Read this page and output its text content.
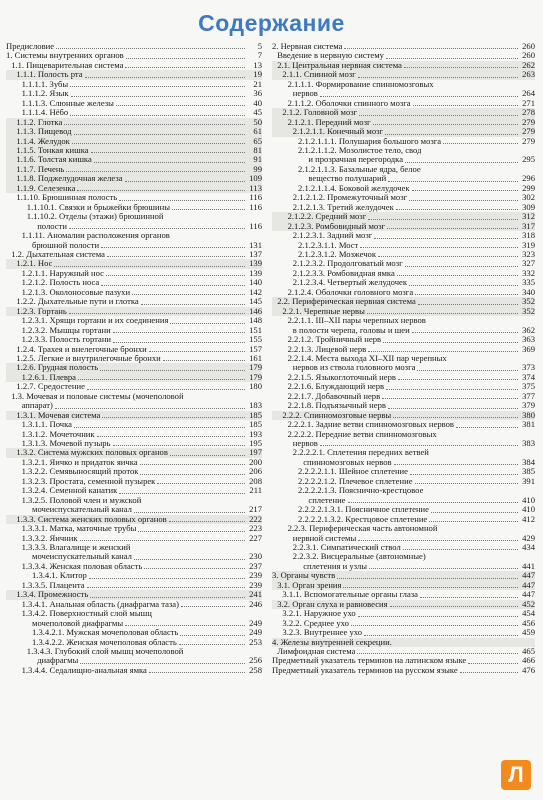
Содержание
Предисловие	5
1. Системы внутренних органов	7
1.1. Пищеварительная система	13
1.1.1. Полость рта	19
1.1.1.1. Зубы	21
1.1.1.2. Язык	36
1.1.1.3. Слюнные железы	40
1.1.1.4. Нёбо	45
1.1.2. Глотка	50
1.1.3. Пищевод	61
1.1.4. Желудок	65
1.1.5. Тонкая кишка	81
1.1.6. Толстая кишка	91
1.1.7. Печень	99
1.1.8. Поджелудочная железа	109
1.1.9. Селезенка	113
1.1.10. Брюшинная полость	116
1.1.10.1. Связки и брыжейки брюшины	116
1.1.10.2. Отделы (этажи) брюшинной
полости	116
1.1.11. Аномалии расположения органов
брюшной полости	131
1.2. Дыхательная система	137
1.2.1. Нос	139
1.2.1.1. Наружный нос	139
1.2.1.2. Полость носа	140
1.2.1.3. Околоносовые пазухи	142
1.2.2. Дыхательные пути и глотка	145
1.2.3. Гортань	146
1.2.3.1. Хрящи гортани и их соединения	148
1.2.3.2. Мышцы гортани	151
1.2.3.3. Полость гортани	155
1.2.4. Трахея и внелегочные бронхи	157
1.2.5. Легкие и внутрилегочные бронхи	161
1.2.6. Грудная полость	179
1.2.6.1. Плевра	179
1.2.7. Средостение	180
1.3. Мочевая и половые системы (мочеполовой
аппарат)	183
1.3.1. Мочевая система	185
1.3.1.1. Почка	185
1.3.1.2. Мочеточник	193
1.3.1.3. Мочевой пузырь	195
1.3.2. Система мужских половых органов	197
1.3.2.1. Яичко и придаток яичка	200
1.3.2.2. Семявыносящий проток	206
1.3.2.3. Простата, семенной пузырек	208
1.3.2.4. Семенной канатик	211
1.3.2.5. Половой член и мужской
мочеиспускательный канал	217
1.3.3. Система женских половых органов	222
1.3.3.1. Матка, маточные трубы	223
1.3.3.2. Яичник	227
1.3.3.3. Влагалище и женский
мочеиспускательный канал	230
1.3.3.4. Женская половая область	237
1.3.4.1. Клитор	239
1.3.3.5. Плацента	239
1.3.4. Промежность	241
1.3.4.1. Анальная область (диафрагма таза)	246
1.3.4.2. Поверхностный слой мышц
мочеполовой диафрагмы	249
1.3.4.2.1. Мужская мочеполовая область	249
1.3.4.2.2. Женская мочеполовая область	253
1.3.4.3. Глубокий слой мышц мочеполовой
диафрагмы	256
1.3.4.4. Седалищно-анальная ямка	258
2. Нервная система	260
Введение в нервную систему	260
2.1. Центральная нервная система	262
2.1.1. Спинной мозг	263
2.1.1.1. Формирование спинномозговых
нервов	264
2.1.1.2. Оболочки спинного мозга	271
2.1.2. Головной мозг	278
2.1.2.1. Передний мозг	279
2.1.2.1.1. Конечный мозг	279
2.1.2.1.1.1. Полушария большого мозга	279
2.1.2.1.1.2. Мозолистое тело, свод
и прозрачная перегородка	295
2.1.2.1.1.3. Базальные ядра, белое
вещество полушарий	296
2.1.2.1.1.4. Боковой желудочек	299
2.1.2.1.2. Промежуточный мозг	302
2.1.2.1.3. Третий желудочек	309
2.1.2.2. Средний мозг	312
2.1.2.3. Ромбовидный мозг	317
2.1.2.3.1. Задний мозг	318
2.1.2.3.1.1. Мост	319
2.1.2.3.1.2. Мозжечок	323
2.1.2.3.2. Продолговатый мозг	327
2.1.2.3.3. Ромбовидная ямка	332
2.1.2.3.4. Четвертый желудочек	335
2.1.2.4. Оболочки головного мозга	340
2.2. Периферическая нервная система	352
2.2.1. Черепные нервы	352
2.2.1.1. III–XII пары черепных нервов
в полости черепа, головы и шеи	362
2.2.1.2. Тройничный нерв	363
2.2.1.3. Лицевой нерв	369
2.2.1.4. Места выхода XI–XII пар черепных
нервов из ствола головного мозга	373
2.2.1.5. Языкоглоточный нерв	374
2.2.1.6. Блуждающий нерв	375
2.2.1.7. Добавочный нерв	377
2.2.1.8. Подъязычный нерв	379
2.2.2. Спинномозговые нервы	380
2.2.2.1. Задние ветви спинномозговых нервов	381
2.2.2.2. Передние ветви спинномозговых
нервов	383
2.2.2.2.1. Сплетения передних ветвей
спинномозговых нервов	384
2.2.2.2.1.1. Шейное сплетение	385
2.2.2.2.1.2. Плечевое сплетение	391
2.2.2.2.1.3. Пояснично-крестцовое
сплетение	410
2.2.2.2.1.3.1. Поясничное сплетение	410
2.2.2.2.1.3.2. Крестцовое сплетение	412
2.2.3. Периферическая часть автономной
нервной системы	429
2.2.3.1. Симпатический ствол	434
2.2.3.2. Висцеральные (автономные)
сплетения и узлы	441
3. Органы чувств	447
3.1. Орган зрения	447
3.1.1. Вспомогательные органы глаза	447
3.2. Орган слуха и равновесия	452
3.2.1. Наружное ухо	454
3.2.2. Среднее ухо	456
3.2.3. Внутреннее ухо	459
4. Железы внутренней секреции.
Лимфоидная система	465
Предметный указатель терминов на латинском языке	466
Предметный указатель терминов на русском языке	476
Л
